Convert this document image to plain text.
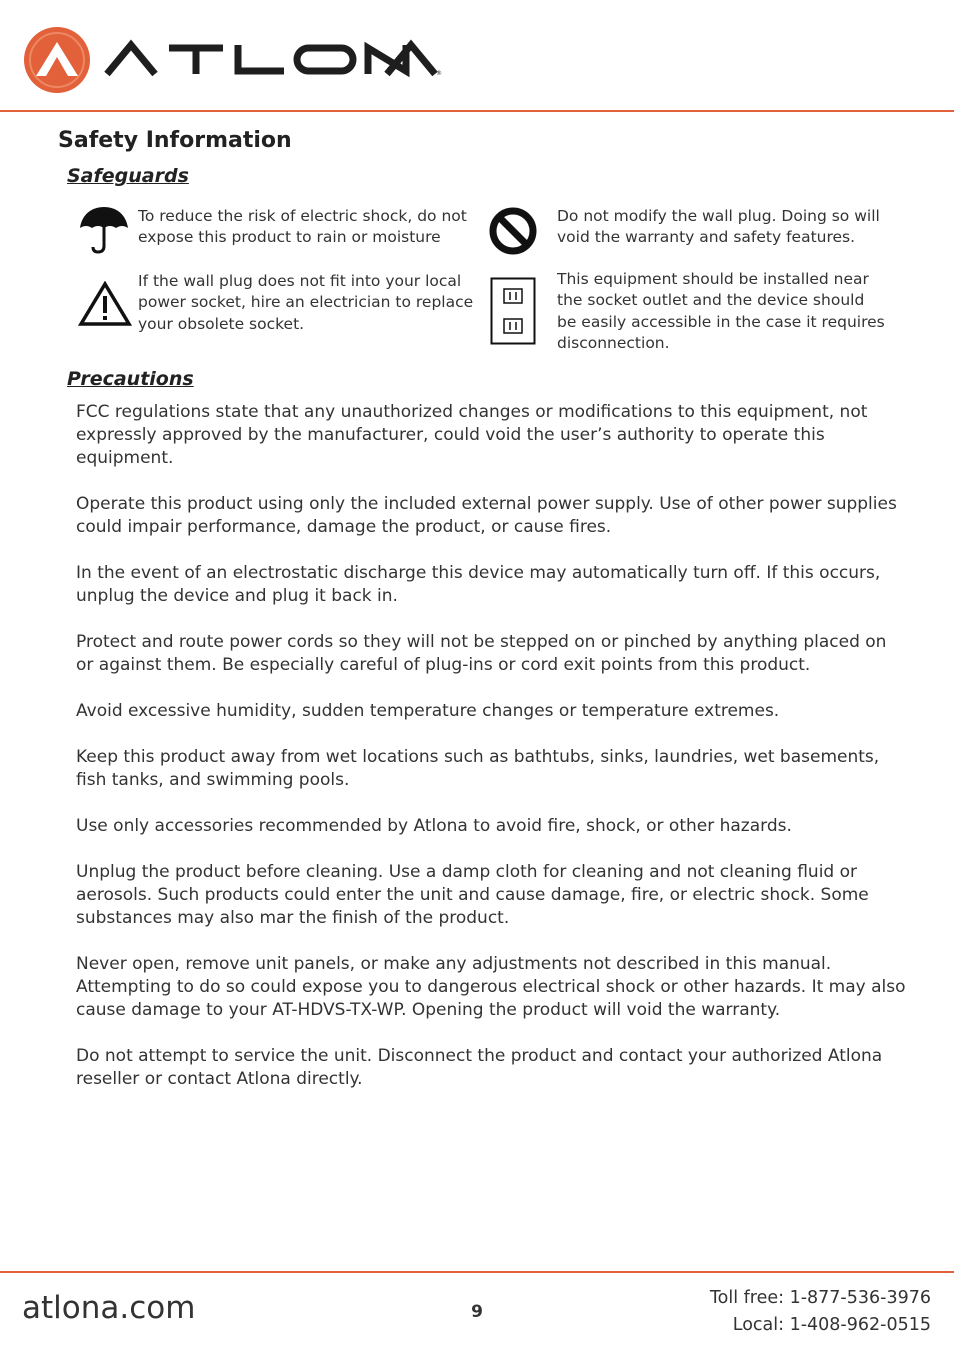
®
Safety Information
Safeguards
To reduce the risk of electric shock, do not expose this product to rain or moisture
Do not modify the wall plug. Doing so will void the warranty and safety features.
If the wall plug does not fit into your local power socket, hire an electrician to replace your obsolete socket.
This equipment should be installed near the socket outlet and the device should be easily accessible in the case it requires disconnection.
Precautions

FCC regulations state that any unauthorized changes or modifications to this equipment, not expressly approved by the manufacturer, could void the user’s authority to operate this equipment.

Operate this product using only the included external power supply. Use of other power supplies could impair performance, damage the product, or cause fires.

In the event of an electrostatic discharge this device may automatically turn off. If this occurs, unplug the device and plug it back in.

Protect and route power cords so they will not be stepped on or pinched by anything placed on or against them. Be especially careful of plug-ins or cord exit points from this product.

Avoid excessive humidity, sudden temperature changes or temperature extremes.

Keep this product away from wet locations such as bathtubs, sinks, laundries, wet basements, fish tanks, and swimming pools.

Use only accessories recommended by Atlona to avoid fire, shock, or other hazards.

Unplug the product before cleaning. Use a damp cloth for cleaning and not cleaning fluid or aerosols. Such products could enter the unit and cause damage, fire, or electric shock. Some substances may also mar the finish of the product.

Never open, remove unit panels, or make any adjustments not described in this manual. Attempting to do so could expose you to dangerous electrical shock or other hazards. It may also cause damage to your AT-HDVS-TX-WP. Opening the product will void the warranty.

Do not attempt to service the unit. Disconnect the product and contact your authorized Atlona reseller or contact Atlona directly.

atlona.com	9
Toll free: 1-877-536-3976
Local: 1-408-962-0515
